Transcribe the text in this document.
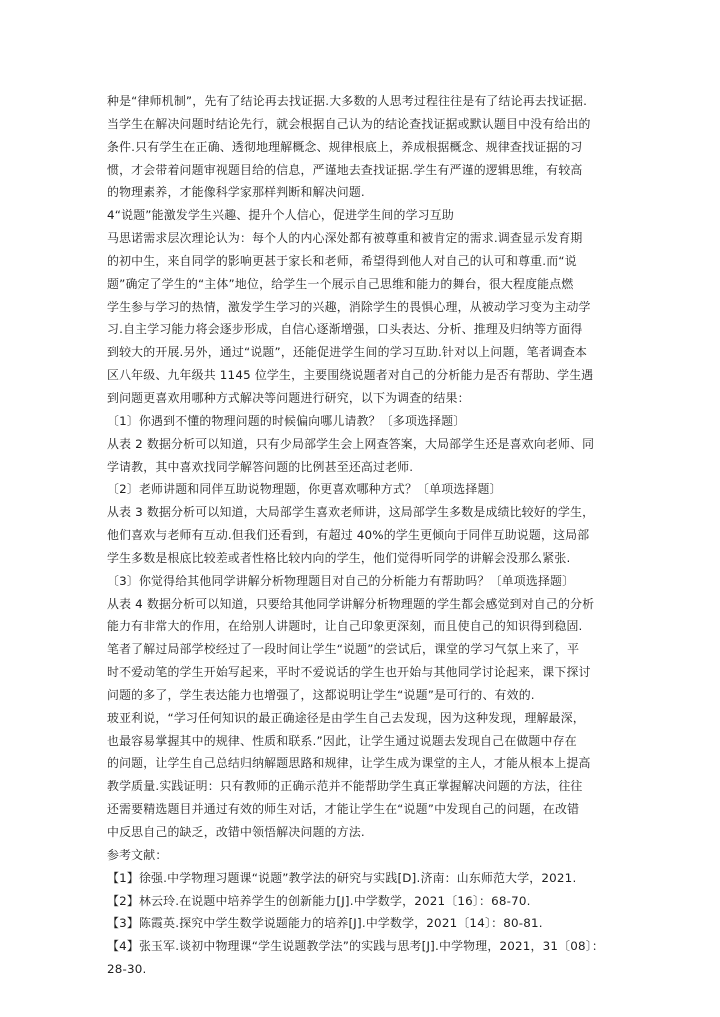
种是“律师机制”，先有了结论再去找证据.大多数的人思考过程往往是有了结论再去找证据.
当学生在解决问题时结论先行，就会根据自己认为的结论查找证据或默认题目中没有给出的
条件.只有学生在正确、透彻地理解概念、规律根底上，养成根据概念、规律查找证据的习
惯，才会带着问题审视题目给的信息，严谨地去查找证据.学生有严谨的逻辑思维，有较高
的物理素养，才能像科学家那样判断和解决问题.
4“说题”能激发学生兴趣、提升个人信心，促进学生间的学习互助
马思诺需求层次理论认为：每个人的内心深处都有被尊重和被肯定的需求.调查显示发育期
的初中生，来自同学的影响更甚于家长和老师，希望得到他人对自己的认可和尊重.而“说
题”确定了学生的“主体”地位，给学生一个展示自己思维和能力的舞台，很大程度能点燃
学生参与学习的热情，激发学生学习的兴趣，消除学生的畏惧心理，从被动学习变为主动学
习.自主学习能力将会逐步形成，自信心逐渐增强，口头表达、分析、推理及归纳等方面得
到较大的开展.另外，通过“说题”，还能促进学生间的学习互助.针对以上问题，笔者调查本
区八年级、九年级共 1145 位学生，主要围绕说题者对自己的分析能力是否有帮助、学生遇
到问题更喜欢用哪种方式解决等问题进行研究，以下为调查的结果：
〔1〕你遇到不懂的物理问题的时候偏向哪儿请教？〔多项选择题〕
从表 2 数据分析可以知道，只有少局部学生会上网查答案，大局部学生还是喜欢向老师、同
学请教，其中喜欢找同学解答问题的比例甚至还高过老师.
〔2〕老师讲题和同伴互助说物理题，你更喜欢哪种方式？〔单项选择题〕
从表 3 数据分析可以知道，大局部学生喜欢老师讲，这局部学生多数是成绩比较好的学生，
他们喜欢与老师有互动.但我们还看到，有超过 40%的学生更倾向于同伴互助说题，这局部
学生多数是根底比较差或者性格比较内向的学生，他们觉得听同学的讲解会没那么紧张.
〔3〕你觉得给其他同学讲解分析物理题目对自己的分析能力有帮助吗？〔单项选择题〕
从表 4 数据分析可以知道，只要给其他同学讲解分析物理题的学生都会感觉到对自己的分析
能力有非常大的作用，在给别人讲题时，让自己印象更深刻，而且使自己的知识得到稳固.
笔者了解过局部学校经过了一段时间让学生“说题”的尝试后，课堂的学习气氛上来了，平
时不爱动笔的学生开始写起来，平时不爱说话的学生也开始与其他同学讨论起来，课下探讨
问题的多了，学生表达能力也增强了，这都说明让学生“说题”是可行的、有效的.
玻亚利说，“学习任何知识的最正确途径是由学生自己去发现，因为这种发现，理解最深，
也最容易掌握其中的规律、性质和联系.”因此，让学生通过说题去发现自己在做题中存在
的问题，让学生自己总结归纳解题思路和规律，让学生成为课堂的主人，才能从根本上提高
教学质量.实践证明：只有教师的正确示范并不能帮助学生真正掌握解决问题的方法，往往
还需要精选题目并通过有效的师生对话，才能让学生在“说题”中发现自己的问题，在改错
中反思自己的缺乏，改错中领悟解决问题的方法.
参考文献：
【1】徐强.中学物理习题课“说题”教学法的研究与实践[D].济南：山东师范大学，2021.
【2】林云玲.在说题中培养学生的创新能力[J].中学数学，2021〔16〕：68-70.
【3】陈霞英.探究中学生数学说题能力的培养[J].中学数学，2021〔14〕：80-81.
【4】张玉军.谈初中物理课“学生说题教学法”的实践与思考[J].中学物理，2021，31〔08〕：
28-30.
